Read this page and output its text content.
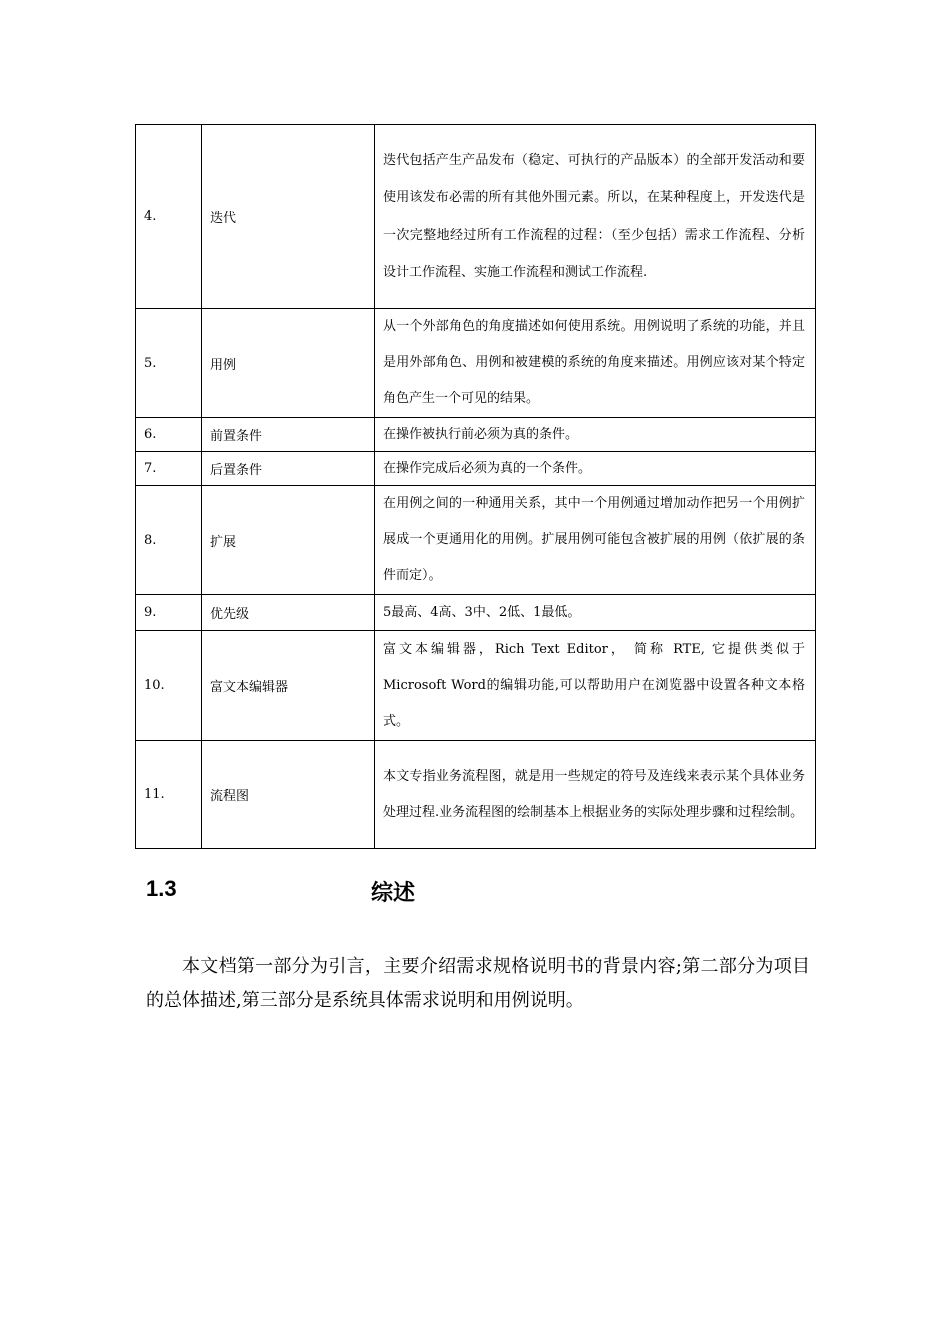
4.	迭代	迭代包括产生产品发布（稳定、可执行的产品版本）的全部开发活动和要使用该发布必需的所有其他外围元素。所以，在某种程度上，开发迭代是一次完整地经过所有工作流程的过程：（至少包括）需求工作流程、分析设计工作流程、实施工作流程和测试工作流程.
5.	用例	从一个外部角色的角度描述如何使用系统。用例说明了系统的功能，并且是用外部角色、用例和被建模的系统的角度来描述。用例应该对某个特定角色产生一个可见的结果。
6.	前置条件	在操作被执行前必须为真的条件。
7.	后置条件	在操作完成后必须为真的一个条件。
8.	扩展	在用例之间的一种通用关系，其中一个用例通过增加动作把另一个用例扩展成一个更通用化的用例。扩展用例可能包含被扩展的用例（依扩展的条件而定）。
9.	优先级	5最高、4高、3中、2低、1最低。
10.	富文本编辑器	富文本编辑器，Rich Text Editor， 简称 RTE, 它提供类似于 Microsoft Word的编辑功能,可以帮助用户在浏览器中设置各种文本格式。
11.	流程图	本文专指业务流程图，就是用一些规定的符号及连线来表示某个具体业务处理过程.业务流程图的绘制基本上根据业务的实际处理步骤和过程绘制。
1.3	综述

本文档第一部分为引言，主要介绍需求规格说明书的背景内容;第二部分为项目的总体描述,第三部分是系统具体需求说明和用例说明。
